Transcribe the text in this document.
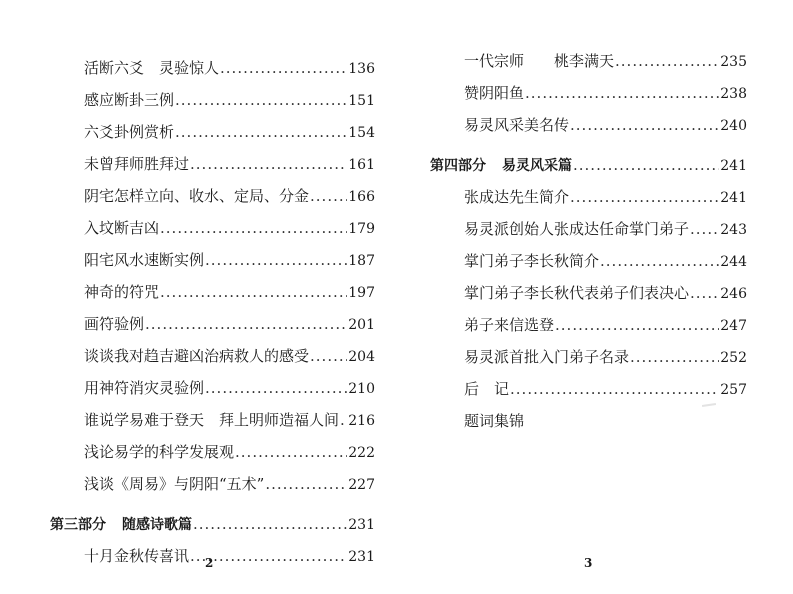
活断六爻　灵验惊人 .....	136
感应断卦三例 .....	151
六爻卦例赏析 .....	154
未曾拜师胜拜过 .....	161
阴宅怎样立向、收水、定局、分金 .....	166
入坟断吉凶 .....	179
阳宅风水速断实例 .....	187
神奇的符咒 .....	197
画符验例 .....	201
谈谈我对趋吉避凶治病救人的感受 .....	204
用神符消灾灵验例 .....	210
谁说学易难于登天　拜上明师造福人间 ..... 216
浅论易学的科学发展观 .....	222
浅谈《周易》与阴阳“五术” .....	227
第三部分 随感诗歌篇 .....	231
十月金秋传喜讯 .....	231
2
一代宗师　　桃李满天 .....	235
赞阴阳鱼 .....	238
易灵风采美名传 .....	240
第四部分 易灵风采篇 .....	241
张成达先生简介 .....	241
易灵派创始人张成达任命掌门弟子 ..... 243
掌门弟子李长秋简介 .....	244
掌门弟子李长秋代表弟子们表决心 ..... 246
弟子来信选登 .....	247
易灵派首批入门弟子名录 .....	252
后　记 .....	257
题词集锦
3
